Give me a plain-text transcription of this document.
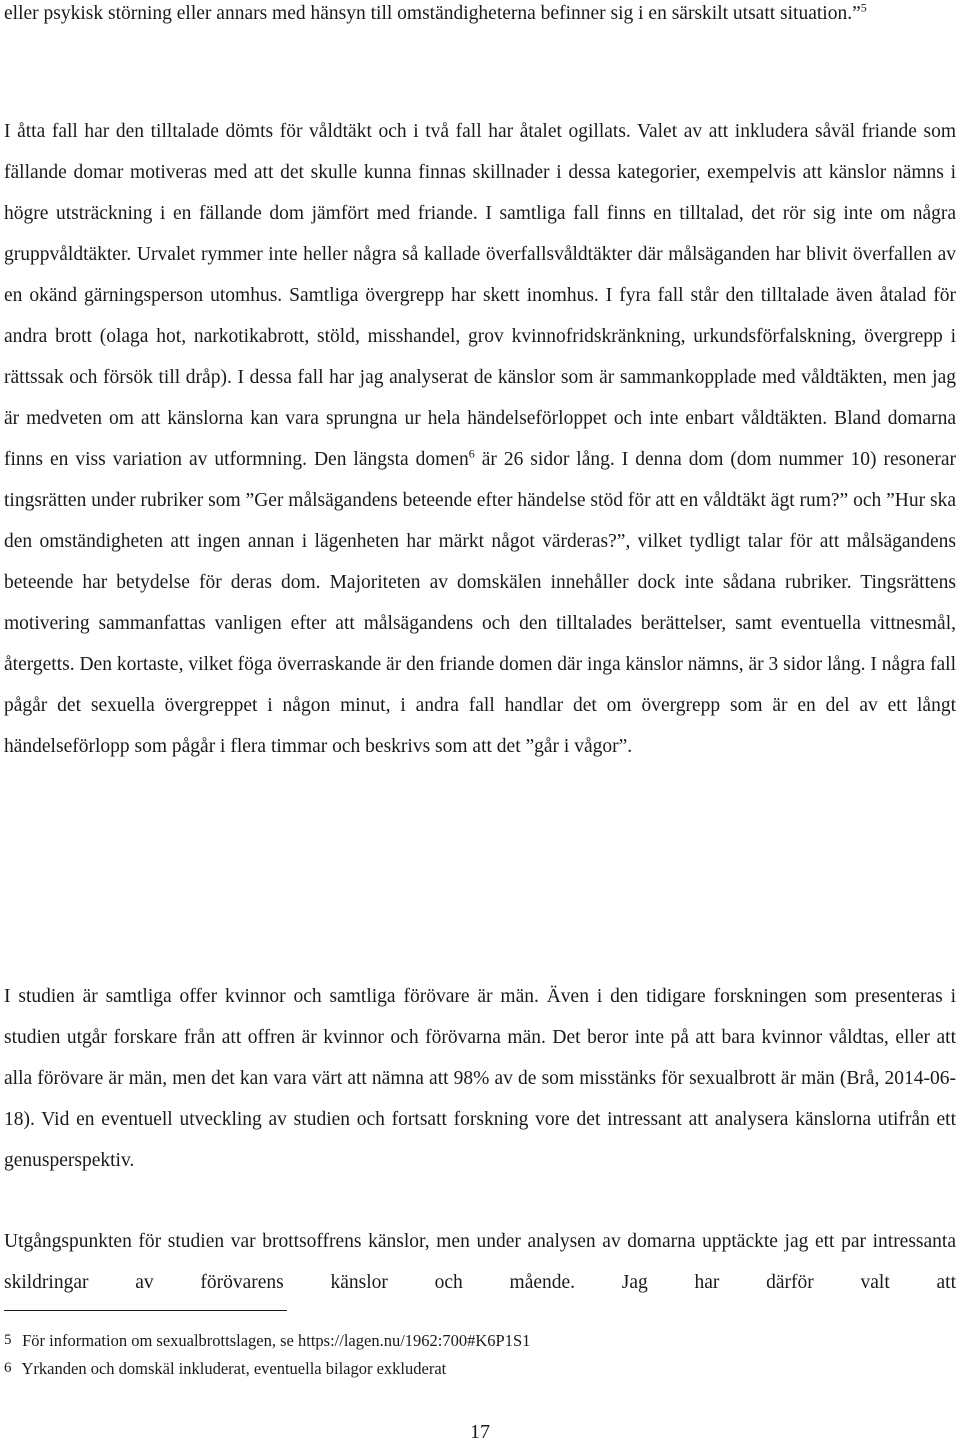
eller psykisk störning eller annars med hänsyn till omständigheterna befinner sig i en särskilt utsatt situation.”$^5$

I åtta fall har den tilltalade dömts för våldtäkt och i två fall har åtalet ogillats. Valet av att inkludera såväl friande som fällande domar motiveras med att det skulle kunna finnas skillnader i dessa kategorier, exempelvis att känslor nämns i högre utsträckning i en fällande dom jämfört med friande. I samtliga fall finns en tilltalad, det rör sig inte om några gruppvåldtäkter. Urvalet rymmer inte heller några så kallade överfallsvåldtäkter där målsäganden har blivit överfallen av en okänd gärningsperson utomhus. Samtliga övergrepp har skett inomhus. I fyra fall står den tilltalade även åtalad för andra brott (olaga hot, narkotikabrott, stöld, misshandel, grov kvinnofridskränkning, urkundsförfalskning, övergrepp i rättssak och försök till dråp). I dessa fall har jag analyserat de känslor som är sammankopplade med våldtäkten, men jag är medveten om att känslorna kan vara sprungna ur hela händelseförloppet och inte enbart våldtäkten. Bland domarna finns en viss variation av utformning. Den längsta domen$^6$ är 26 sidor lång. I denna dom (dom nummer 10) resonerar tingsrätten under rubriker som ”Ger målsägandens beteende efter händelse stöd för att en våldtäkt ägt rum?” och ”Hur ska den omständigheten att ingen annan i lägenheten har märkt något värderas?”, vilket tydligt talar för att målsägandens beteende har betydelse för deras dom. Majoriteten av domskälen innehåller dock inte sådana rubriker. Tingsrättens motivering sammanfattas vanligen efter att målsägandens och den tilltalades berättelser, samt eventuella vittnesmål, återgetts. Den kortaste, vilket föga överraskande är den friande domen där inga känslor nämns, är 3 sidor lång. I några fall pågår det sexuella övergreppet i någon minut, i andra fall handlar det om övergrepp som är en del av ett långt händelseförlopp som pågår i flera timmar och beskrivs som att det ”går i vågor”.

I studien är samtliga offer kvinnor och samtliga förövare är män. Även i den tidigare forskningen som presenteras i studien utgår forskare från att offren är kvinnor och förövarna män. Det beror inte på att bara kvinnor våldtas, eller att alla förövare är män, men det kan vara värt att nämna att 98% av de som misstänks för sexualbrott är män (Brå, 2014-06-18). Vid en eventuell utveckling av studien och fortsatt forskning vore det intressant att analysera känslorna utifrån ett genusperspektiv.

Utgångspunkten för studien var brottsoffrens känslor, men under analysen av domarna upptäckte jag ett par intressanta skildringar av förövarens känslor och mående. Jag har därför valt att

5 För information om sexualbrottslagen, se https://lagen.nu/1962:700#K6P1S1

6 Yrkanden och domskäl inkluderat, eventuella bilagor exkluderat

17
